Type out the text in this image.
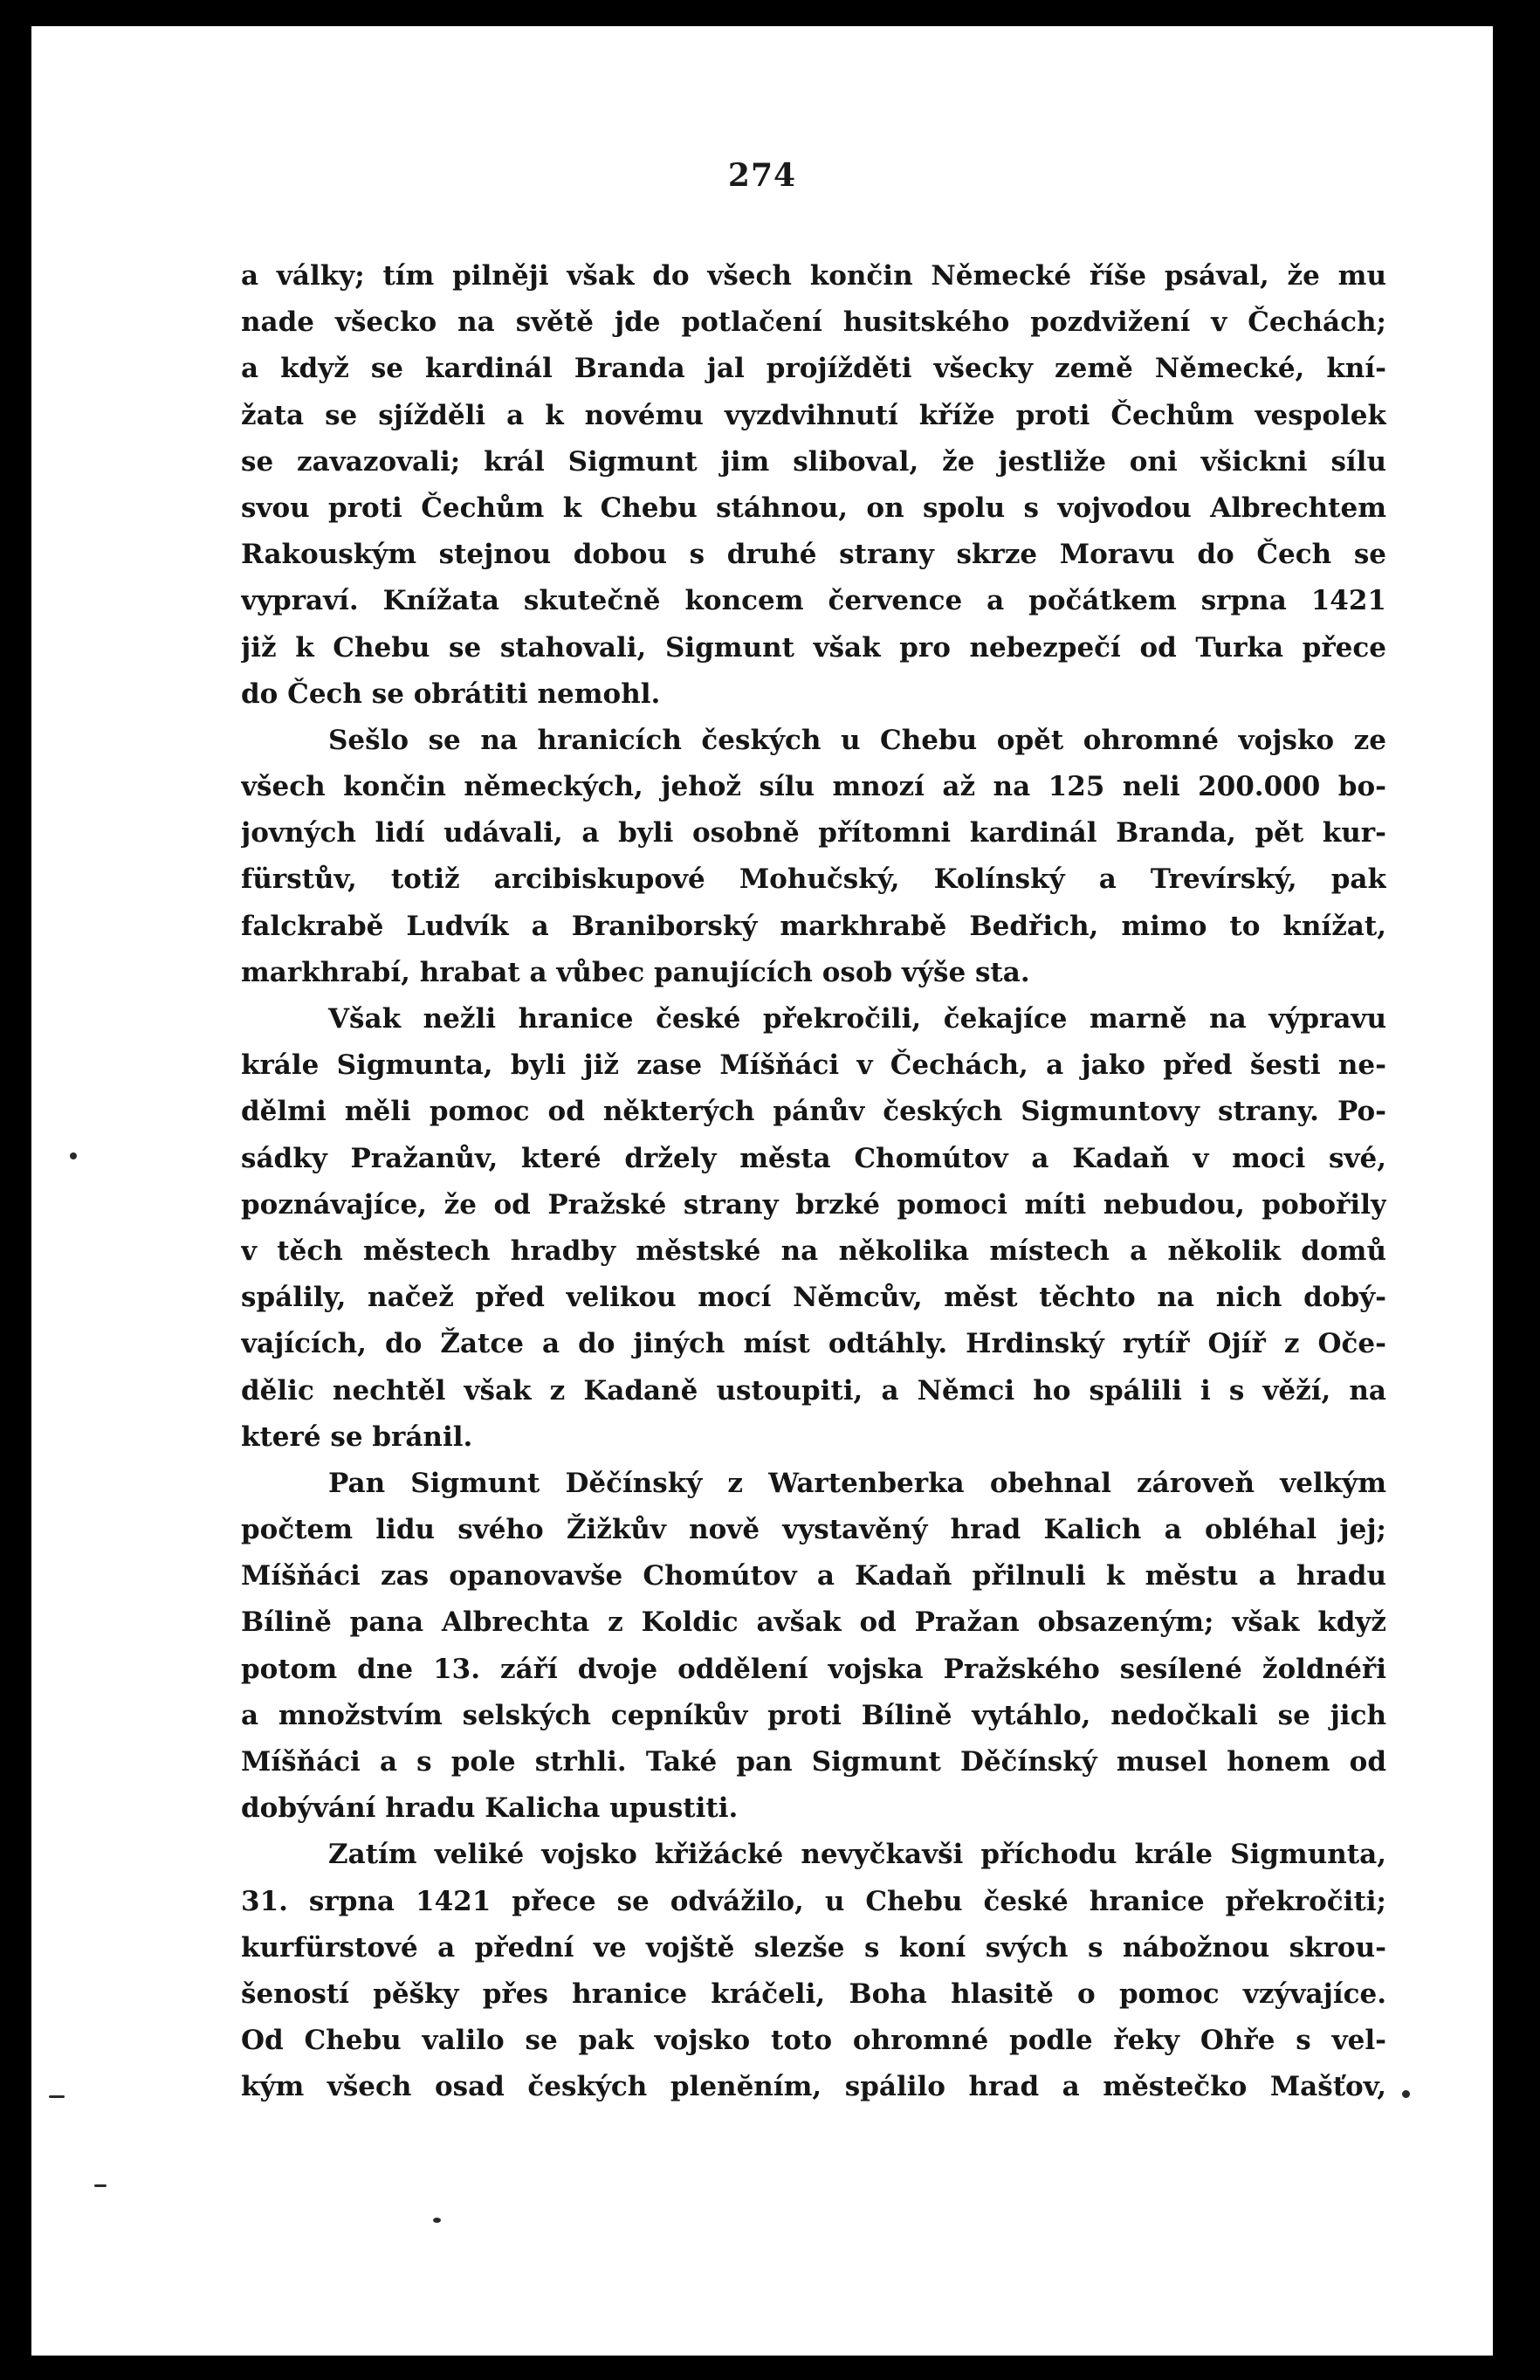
274
a války; tím pilněji však do všech končin Německé říše psával, že mu
nade všecko na světě jde potlačení husitského pozdvižení v Čechách;
a když se kardinál Branda jal projížděti všecky země Německé, kní-
žata se sjížděli a k novému vyzdvihnutí kříže proti Čechům vespolek
se zavazovali; král Sigmunt jim sliboval, že jestliže oni všickni sílu
svou proti Čechům k Chebu stáhnou, on spolu s vojvodou Albrechtem
Rakouským stejnou dobou s druhé strany skrze Moravu do Čech se
vypraví. Knížata skutečně koncem července a počátkem srpna 1421
již k Chebu se stahovali, Sigmunt však pro nebezpečí od Turka přece
do Čech se obrátiti nemohl.
Sešlo se na hranicích českých u Chebu opět ohromné vojsko ze
všech končin německých, jehož sílu mnozí až na 125 neli 200.000 bo-
jovných lidí udávali, a byli osobně přítomni kardinál Branda, pět kur-
fürstův, totiž arcibiskupové Mohučský, Kolínský a Trevírský, pak
falckrabě Ludvík a Braniborský markhrabě Bedřich, mimo to knížat,
markhrabí, hrabat a vůbec panujících osob výše sta.
Však nežli hranice české překročili, čekajíce marně na výpravu
krále Sigmunta, byli již zase Míšňáci v Čechách, a jako před šesti ne-
dělmi měli pomoc od některých pánův českých Sigmuntovy strany. Po-
sádky Pražanův, které držely města Chomútov a Kadaň v moci své,
poznávajíce, že od Pražské strany brzké pomoci míti nebudou, pobořily
v těch městech hradby městské na několika místech a několik domů
spálily, načež před velikou mocí Němcův, měst těchto na nich dobý-
vajících, do Žatce a do jiných míst odtáhly. Hrdinský rytíř Ojíř z Oče-
dělic nechtěl však z Kadaně ustoupiti, a Němci ho spálili i s věží, na
které se bránil.
Pan Sigmunt Děčínský z Wartenberka obehnal zároveň velkým
počtem lidu svého Žižkův nově vystavěný hrad Kalich a obléhal jej;
Míšňáci zas opanovavše Chomútov a Kadaň přilnuli k městu a hradu
Bílině pana Albrechta z Koldic avšak od Pražan obsazeným; však když
potom dne 13. září dvoje oddělení vojska Pražského sesílené žoldnéři
a množstvím selských cepníkův proti Bílině vytáhlo, nedočkali se jich
Míšňáci a s pole strhli. Také pan Sigmunt Děčínský musel honem od
dobývání hradu Kalicha upustiti.
Zatím veliké vojsko křižácké nevyčkavši příchodu krále Sigmunta,
31. srpna 1421 přece se odvážilo, u Chebu české hranice překročiti;
kurfürstové a přední ve vojště slezše s koní svých s nábožnou skrou-
šeností pěšky přes hranice kráčeli, Boha hlasitě o pomoc vzývajíce.
Od Chebu valilo se pak vojsko toto ohromné podle řeky Ohře s vel-
kým všech osad českých plenĕním, spálilo hrad a městečko Mašťov,
